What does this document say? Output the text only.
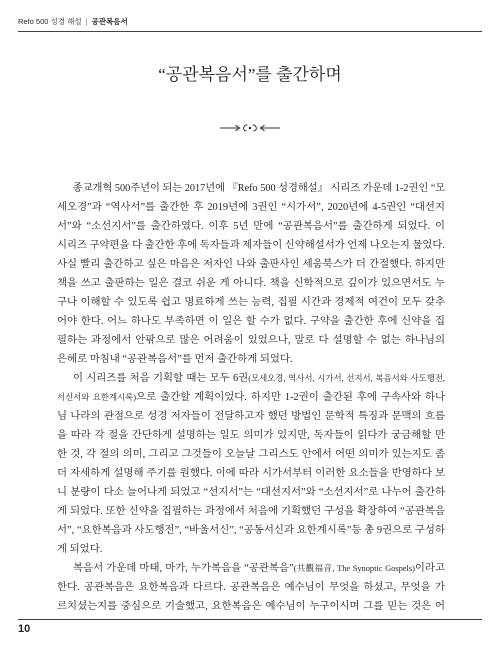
Refo 500 성경 해설 | 공관복음서
“공관복음서”를 출간하며
종교개혁 500주년이 되는 2017년에 『Refo 500 성경해설』 시리즈 가운데 1-2권인 “모
세오경”과 “역사서”를 출간한 후 2019년에 3권인 “시가서”, 2020년에 4-5권인 “대선지
서”와 “소선지서”를 출간하였다. 이후 5년 만에 “공관복음서”를 출간하게 되었다. 이
시리즈 구약편을 다 출간한 후에 독자들과 제자들이 신약해설서가 언제 나오는지 물었다.
사실 빨리 출간하고 싶은 마음은 저자인 나와 출판사인 세움북스가 더 간절했다. 하지만
책을 쓰고 출판하는 일은 결코 쉬운 게 아니다. 책을 신학적으로 깊이가 있으면서도 누
구나 이해할 수 있도록 쉽고 명료하게 쓰는 능력, 집필 시간과 경제적 여건이 모두 갖추
어야 한다. 어느 하나도 부족하면 이 일은 할 수가 없다. 구약을 출간한 후에 신약을 집
필하는 과정에서 안팎으로 많은 어려움이 있었으나, 말로 다 설명할 수 없는 하나님의
은혜로 마침내 “공관복음서”를 먼저 출간하게 되었다.
이 시리즈를 처음 기획할 때는 모두 6권(모세오경, 역사서, 시가서, 선지서, 복음서와 사도행전,
서신서와 요한계시록)으로 출간할 계획이었다. 하지만 1-2권이 출간된 후에 구속사와 하나
님 나라의 관점으로 성경 저자들이 전달하고자 했던 방법인 문학적 특징과 문맥의 흐름
을 따라 각 절을 간단하게 설명하는 일도 의미가 있지만, 독자들이 읽다가 궁금해할 만
한 것, 각 절의 의미, 그리고 그것들이 오늘날 그리스도 안에서 어떤 의미가 있는지도 좀
더 자세하게 설명해 주기를 원했다. 이에 따라 시가서부터 이러한 요소들을 반영하다 보
니 분량이 다소 늘어나게 되었고 “선지서”는 “대선지서”와 “소선지서”로 나누어 출간하
게 되었다. 또한 신약을 집필하는 과정에서 처음에 기획했던 구성을 확장하여 “공관복음
서”, “요한복음과 사도행전”, “바울서신”, “공동서신과 요한계시록”등 총 9권으로 구성하
게 되었다.
복음서 가운데 마태, 마가, 누가복음을 “공관복음”(共觀福音, The Synoptic Gospels)이라고
한다. 공관복음은 요한복음과 다르다. 공관복음은 예수님이 무엇을 하셨고, 무엇을 가
르치셨는지를 중심으로 기술했고, 요한복음은 예수님이 누구이시며 그를 믿는 것은 어
10
